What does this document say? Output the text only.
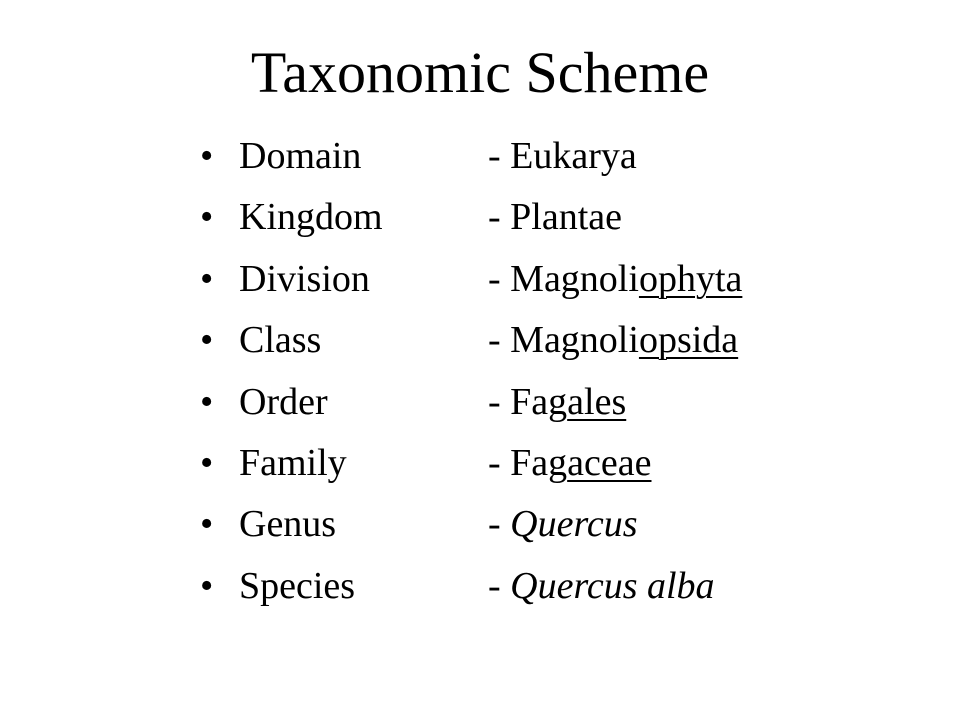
Taxonomic Scheme
• Domain	- Eukarya
• Kingdom	- Plantae
• Division	- Magnoliophyta
• Class	- Magnoliopsida
• Order	- Fagales
• Family	- Fagaceae
• Genus	- Quercus
• Species	- Quercus alba
